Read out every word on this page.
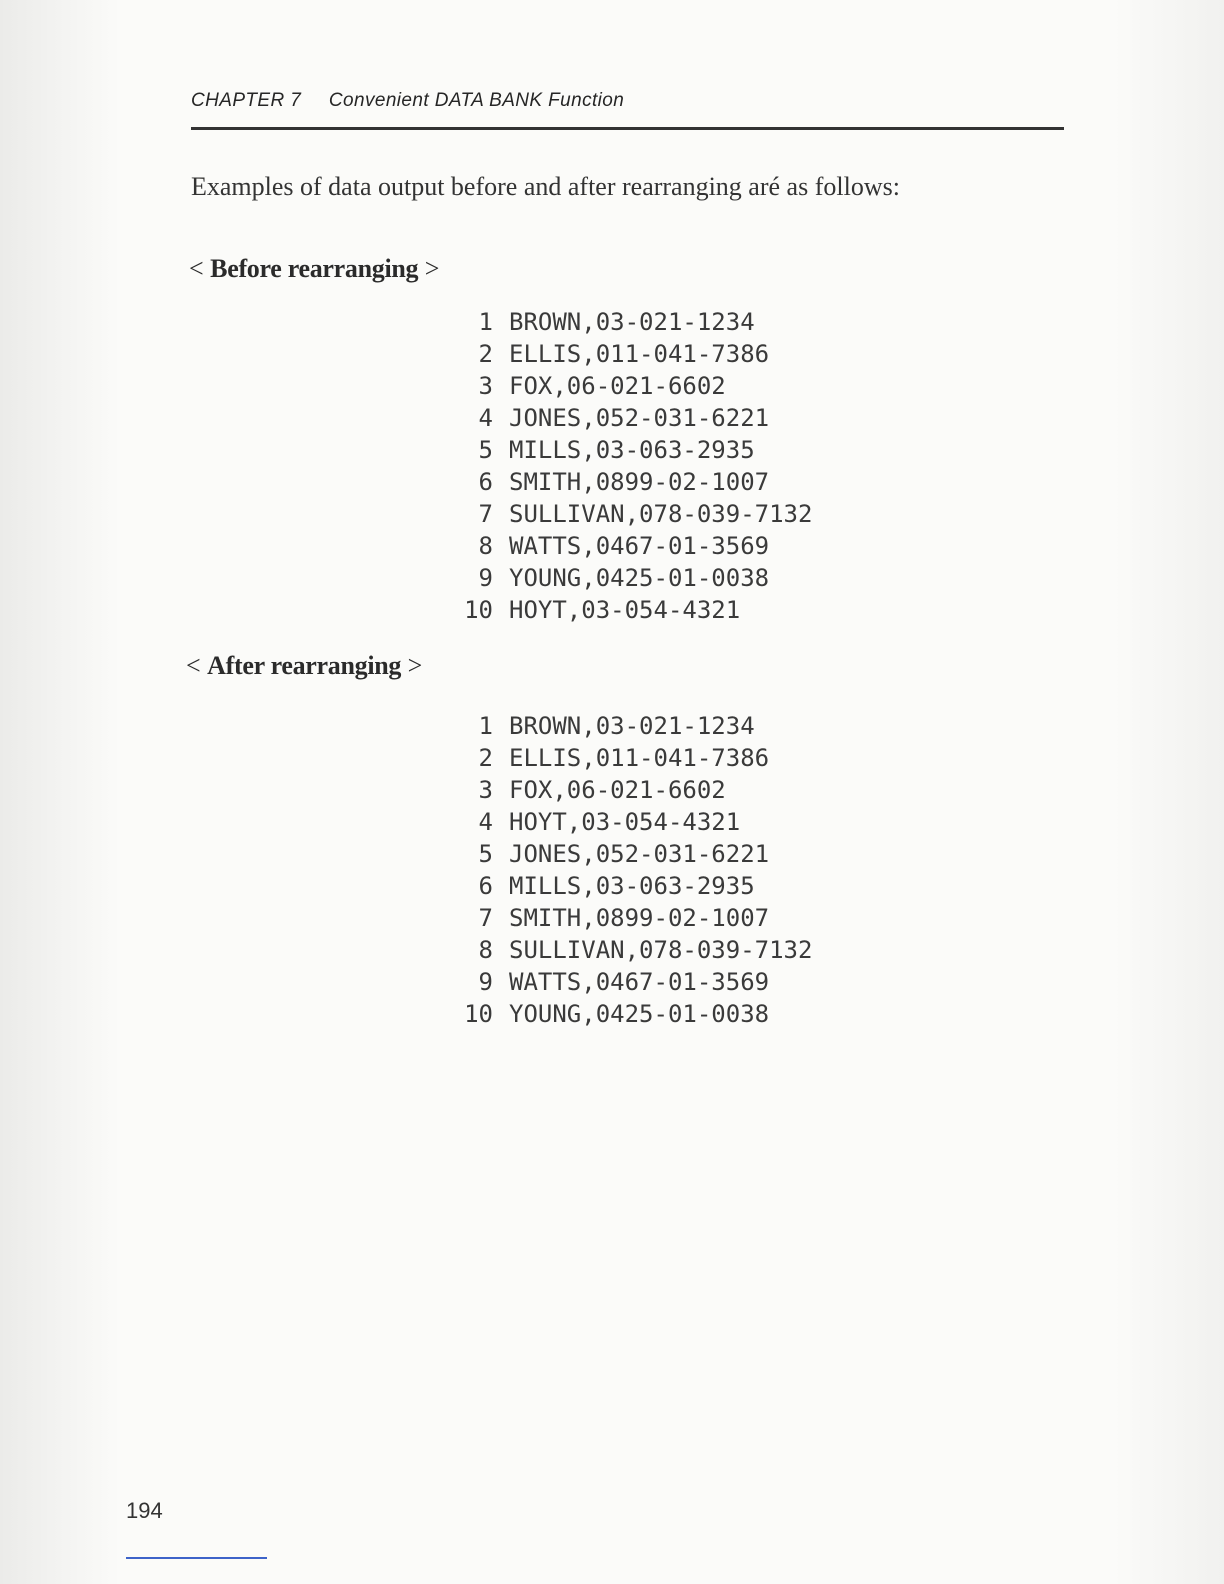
CHAPTER 7 Convenient DATA BANK Function
Examples of data output before and after rearranging aré as follows:
< Before rearranging >
1 BROWN,03-021-1234
2 ELLIS,011-041-7386
3 FOX,06-021-6602
4 JONES,052-031-6221
5 MILLS,03-063-2935
6 SMITH,0899-02-1007
7 SULLIVAN,078-039-7132
8 WATTS,0467-01-3569
9 YOUNG,0425-01-0038
10 HOYT,03-054-4321
< After rearranging >
1 BROWN,03-021-1234
2 ELLIS,011-041-7386
3 FOX,06-021-6602
4 HOYT,03-054-4321
5 JONES,052-031-6221
6 MILLS,03-063-2935
7 SMITH,0899-02-1007
8 SULLIVAN,078-039-7132
9 WATTS,0467-01-3569
10 YOUNG,0425-01-0038
194
